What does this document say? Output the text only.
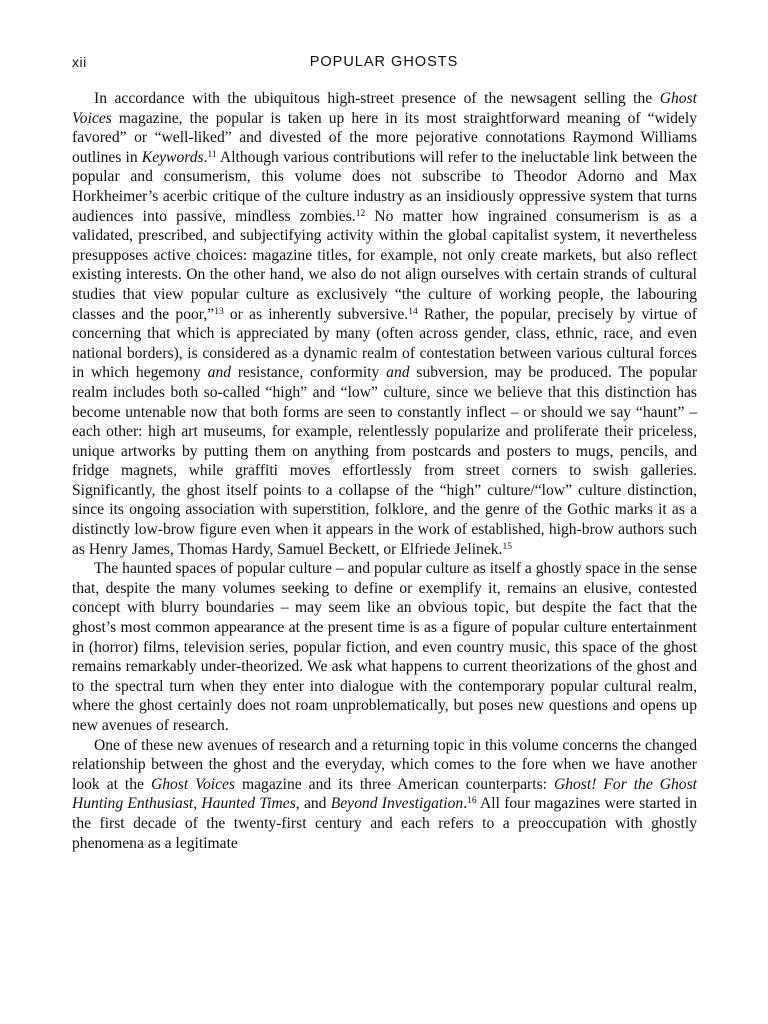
xii	POPULAR GHOSTS

In accordance with the ubiquitous high-street presence of the newsagent selling the Ghost Voices magazine, the popular is taken up here in its most straightforward meaning of “widely favored” or “well-liked” and divested of the more pejorative connotations Raymond Williams outlines in Keywords.$^{11}$ Although various contributions will refer to the ineluctable link between the popular and consumerism, this volume does not subscribe to Theodor Adorno and Max Horkheimer’s acerbic critique of the culture industry as an insidiously oppressive system that turns audiences into passive, mindless zombies.$^{12}$ No matter how ingrained consumerism is as a validated, prescribed, and subjectifying activity within the global capitalist system, it nevertheless presupposes active choices: magazine titles, for example, not only create markets, but also reflect existing interests. On the other hand, we also do not align ourselves with certain strands of cultural studies that view popular culture as exclusively “the culture of working people, the labouring classes and the poor,”$^{13}$ or as inherently subversive.$^{14}$ Rather, the popular, precisely by virtue of concerning that which is appreciated by many (often across gender, class, ethnic, race, and even national borders), is considered as a dynamic realm of contestation between various cultural forces in which hegemony and resistance, conformity and subversion, may be produced. The popular realm includes both so-called “high” and “low” culture, since we believe that this distinction has become untenable now that both forms are seen to constantly inflect – or should we say “haunt” – each other: high art museums, for example, relentlessly popularize and proliferate their priceless, unique artworks by putting them on anything from postcards and posters to mugs, pencils, and fridge magnets, while graffiti moves effortlessly from street corners to swish galleries. Significantly, the ghost itself points to a collapse of the “high” culture/“low” culture distinction, since its ongoing association with superstition, folklore, and the genre of the Gothic marks it as a distinctly low-brow figure even when it appears in the work of established, high-brow authors such as Henry James, Thomas Hardy, Samuel Beckett, or Elfriede Jelinek.$^{15}$

The haunted spaces of popular culture – and popular culture as itself a ghostly space in the sense that, despite the many volumes seeking to define or exemplify it, remains an elusive, contested concept with blurry boundaries – may seem like an obvious topic, but despite the fact that the ghost’s most common appearance at the present time is as a figure of popular culture entertainment in (horror) films, television series, popular fiction, and even country music, this space of the ghost remains remarkably under-theorized. We ask what happens to current theorizations of the ghost and to the spectral turn when they enter into dialogue with the contemporary popular cultural realm, where the ghost certainly does not roam unproblematically, but poses new questions and opens up new avenues of research.

One of these new avenues of research and a returning topic in this volume concerns the changed relationship between the ghost and the everyday, which comes to the fore when we have another look at the Ghost Voices magazine and its three American counterparts: Ghost! For the Ghost Hunting Enthusiast, Haunted Times, and Beyond Investigation.$^{16}$ All four magazines were started in the first decade of the twenty-first century and each refers to a preoccupation with ghostly phenomena as a legitimate
